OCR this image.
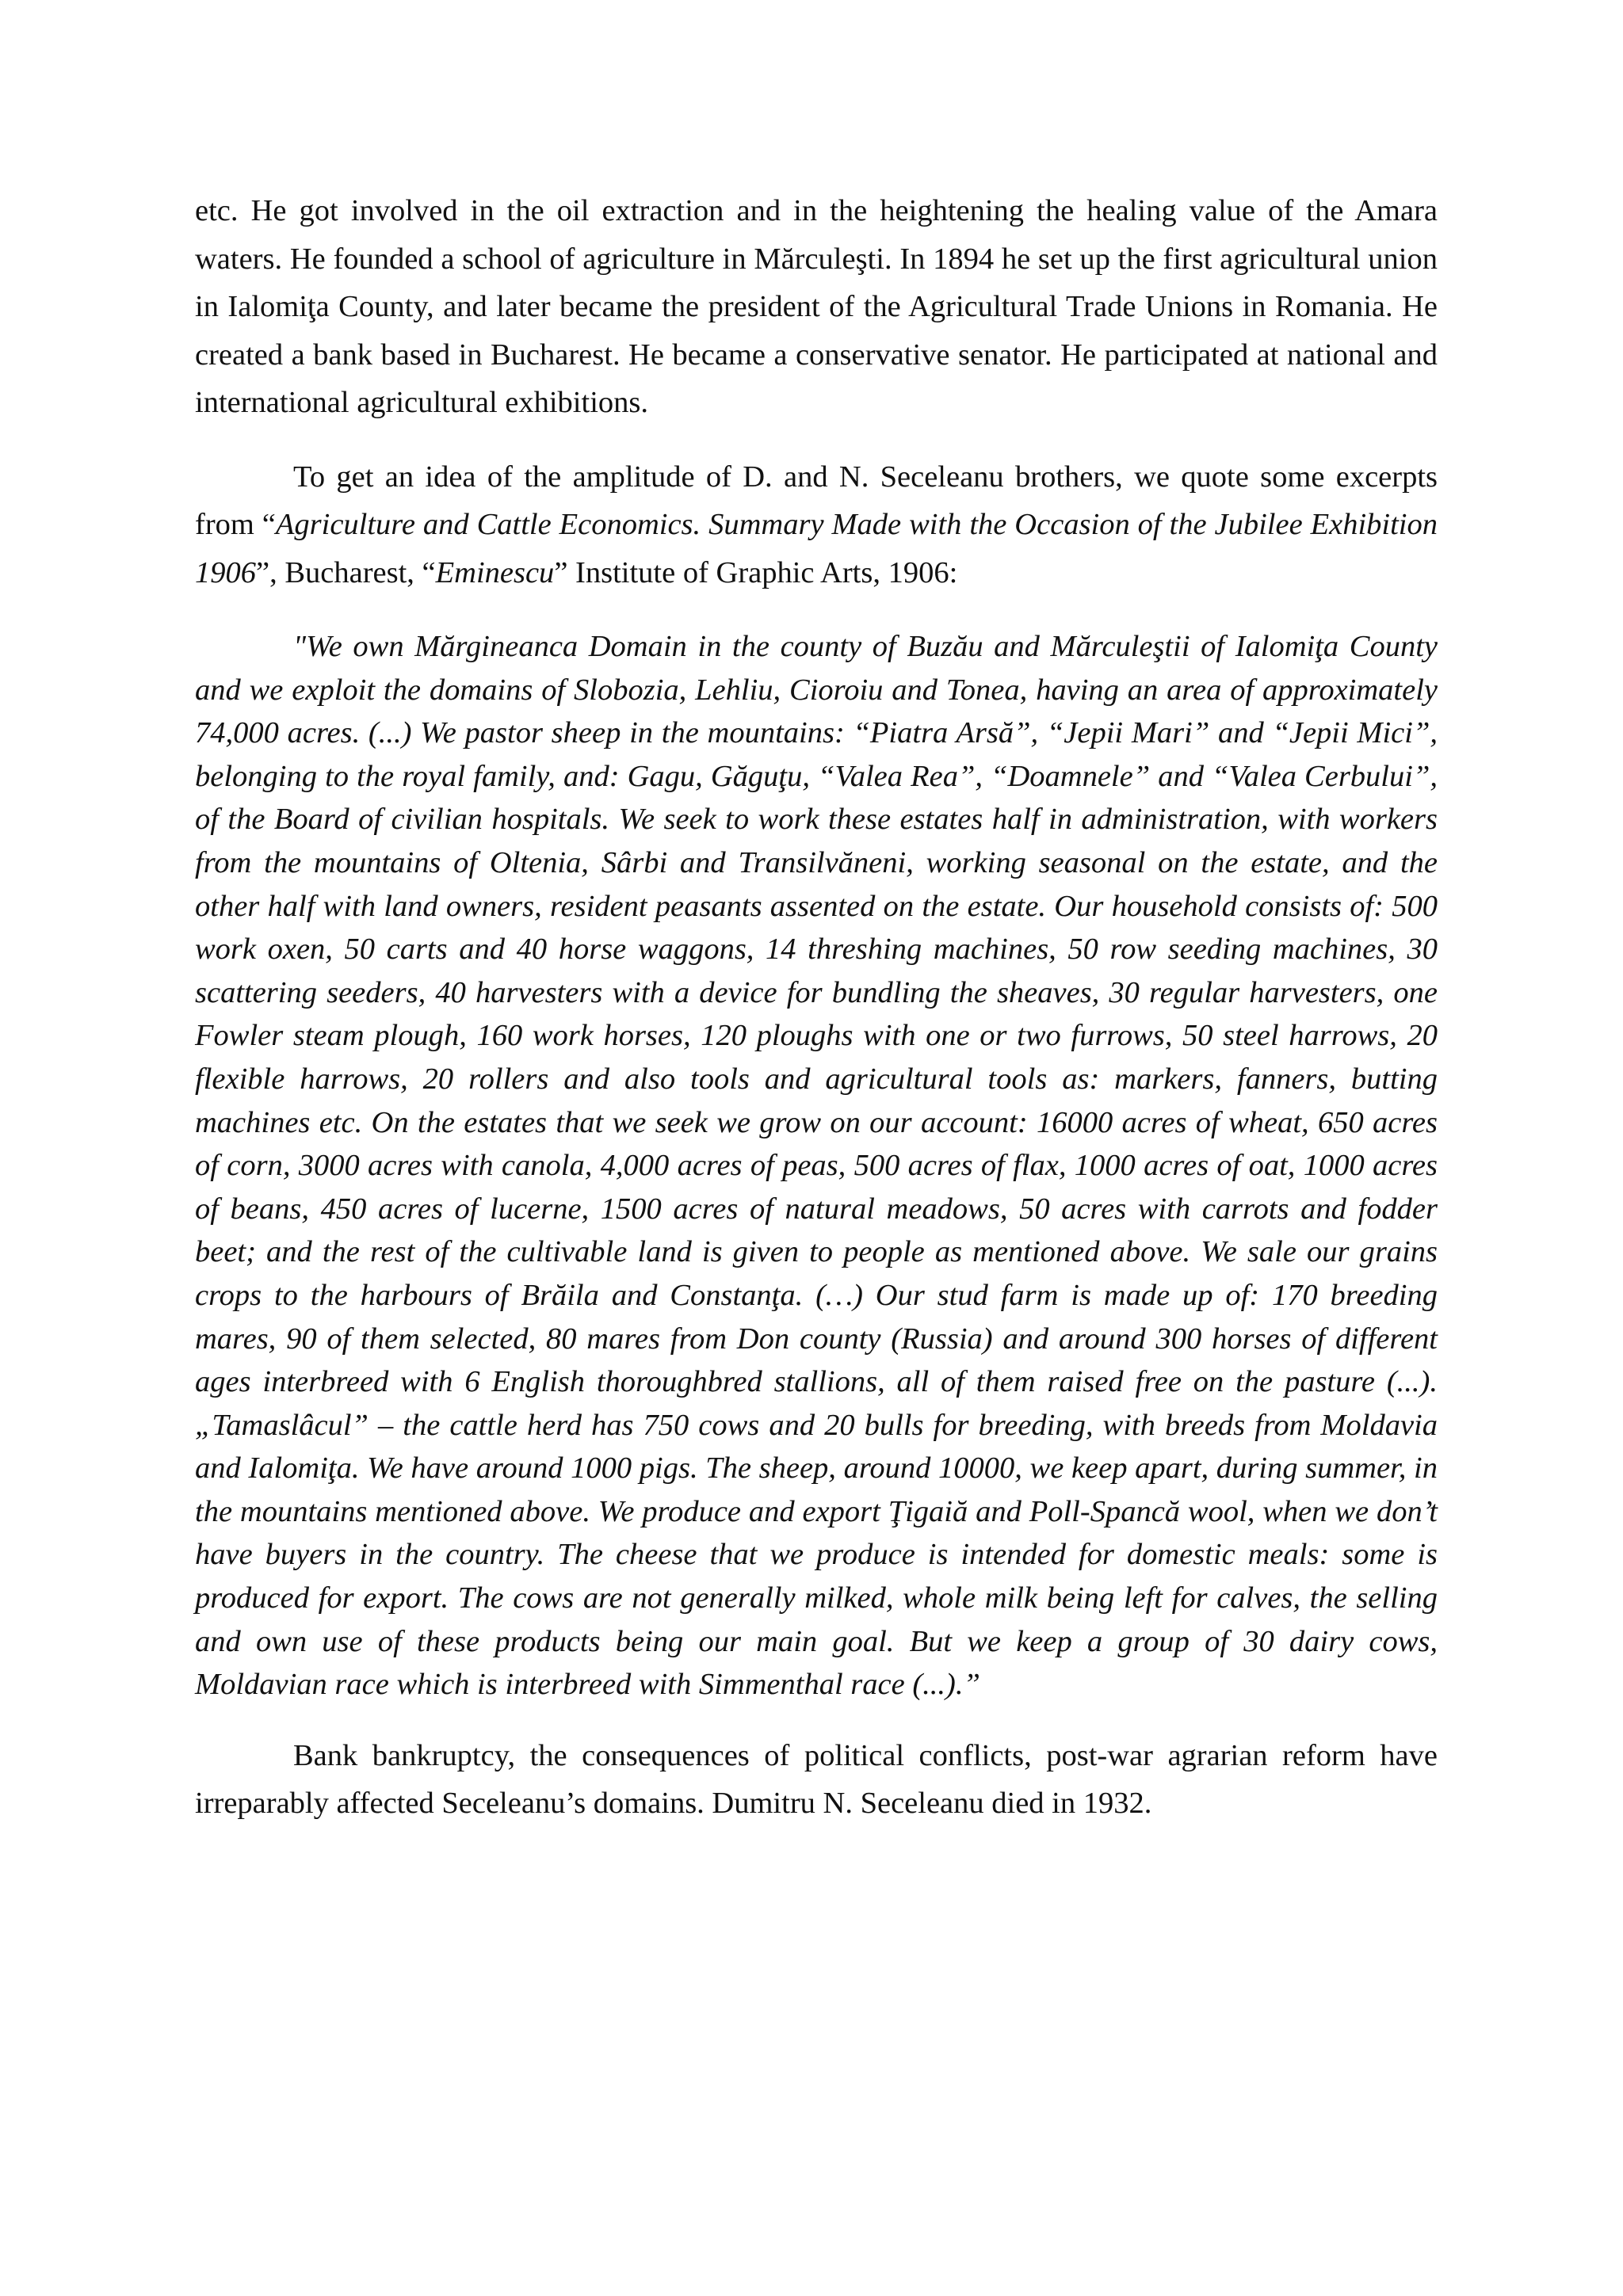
etc. He got involved in the oil extraction and in the heightening the healing value of the Amara waters. He founded a school of agriculture in Mărculeşti. In 1894 he set up the first agricultural union in Ialomiţa County, and later became the president of the Agricultural Trade Unions in Romania. He created a bank based in Bucharest. He became a conservative senator. He participated at national and international agricultural exhibitions.

To get an idea of the amplitude of D. and N. Seceleanu brothers, we quote some excerpts from “Agriculture and Cattle Economics. Summary Made with the Occasion of the Jubilee Exhibition 1906”, Bucharest, “Eminescu” Institute of Graphic Arts, 1906:

"We own Mărgineanca Domain in the county of Buzău and Mărculeştii of Ialomiţa County and we exploit the domains of Slobozia, Lehliu, Cioroiu and Tonea, having an area of approximately 74,000 acres. (...) We pastor sheep in the mountains: “Piatra Arsă”, “Jepii Mari” and “Jepii Mici”, belonging to the royal family, and: Gagu, Găguţu, “Valea Rea”, “Doamnele” and “Valea Cerbului”, of the Board of civilian hospitals. We seek to work these estates half in administration, with workers from the mountains of Oltenia, Sârbi and Transilvăneni, working seasonal on the estate, and the other half with land owners, resident peasants assented on the estate. Our household consists of: 500 work oxen, 50 carts and 40 horse waggons, 14 threshing machines, 50 row seeding machines, 30 scattering seeders, 40 harvesters with a device for bundling the sheaves, 30 regular harvesters, one Fowler steam plough, 160 work horses, 120 ploughs with one or two furrows, 50 steel harrows, 20 flexible harrows, 20 rollers and also tools and agricultural tools as: markers, fanners, butting machines etc. On the estates that we seek we grow on our account: 16000 acres of wheat, 650 acres of corn, 3000 acres with canola, 4,000 acres of peas, 500 acres of flax, 1000 acres of oat, 1000 acres of beans, 450 acres of lucerne, 1500 acres of natural meadows, 50 acres with carrots and fodder beet; and the rest of the cultivable land is given to people as mentioned above. We sale our grains crops to the harbours of Brăila and Constanţa. (…) Our stud farm is made up of: 170 breeding mares, 90 of them selected, 80 mares from Don county (Russia) and around 300 horses of different ages interbreed with 6 English thoroughbred stallions, all of them raised free on the pasture (...). „Tamaslâcul” – the cattle herd has 750 cows and 20 bulls for breeding, with breeds from Moldavia and Ialomiţa. We have around 1000 pigs. The sheep, around 10000, we keep apart, during summer, in the mountains mentioned above. We produce and export Ţigaiă and Poll-Spancă wool, when we don’t have buyers in the country. The cheese that we produce is intended for domestic meals: some is produced for export. The cows are not generally milked, whole milk being left for calves, the selling and own use of these products being our main goal. But we keep a group of 30 dairy cows, Moldavian race which is interbreed with Simmenthal race (...).”

Bank bankruptcy, the consequences of political conflicts, post-war agrarian reform have irreparably affected Seceleanu’s domains. Dumitru N. Seceleanu died in 1932.
